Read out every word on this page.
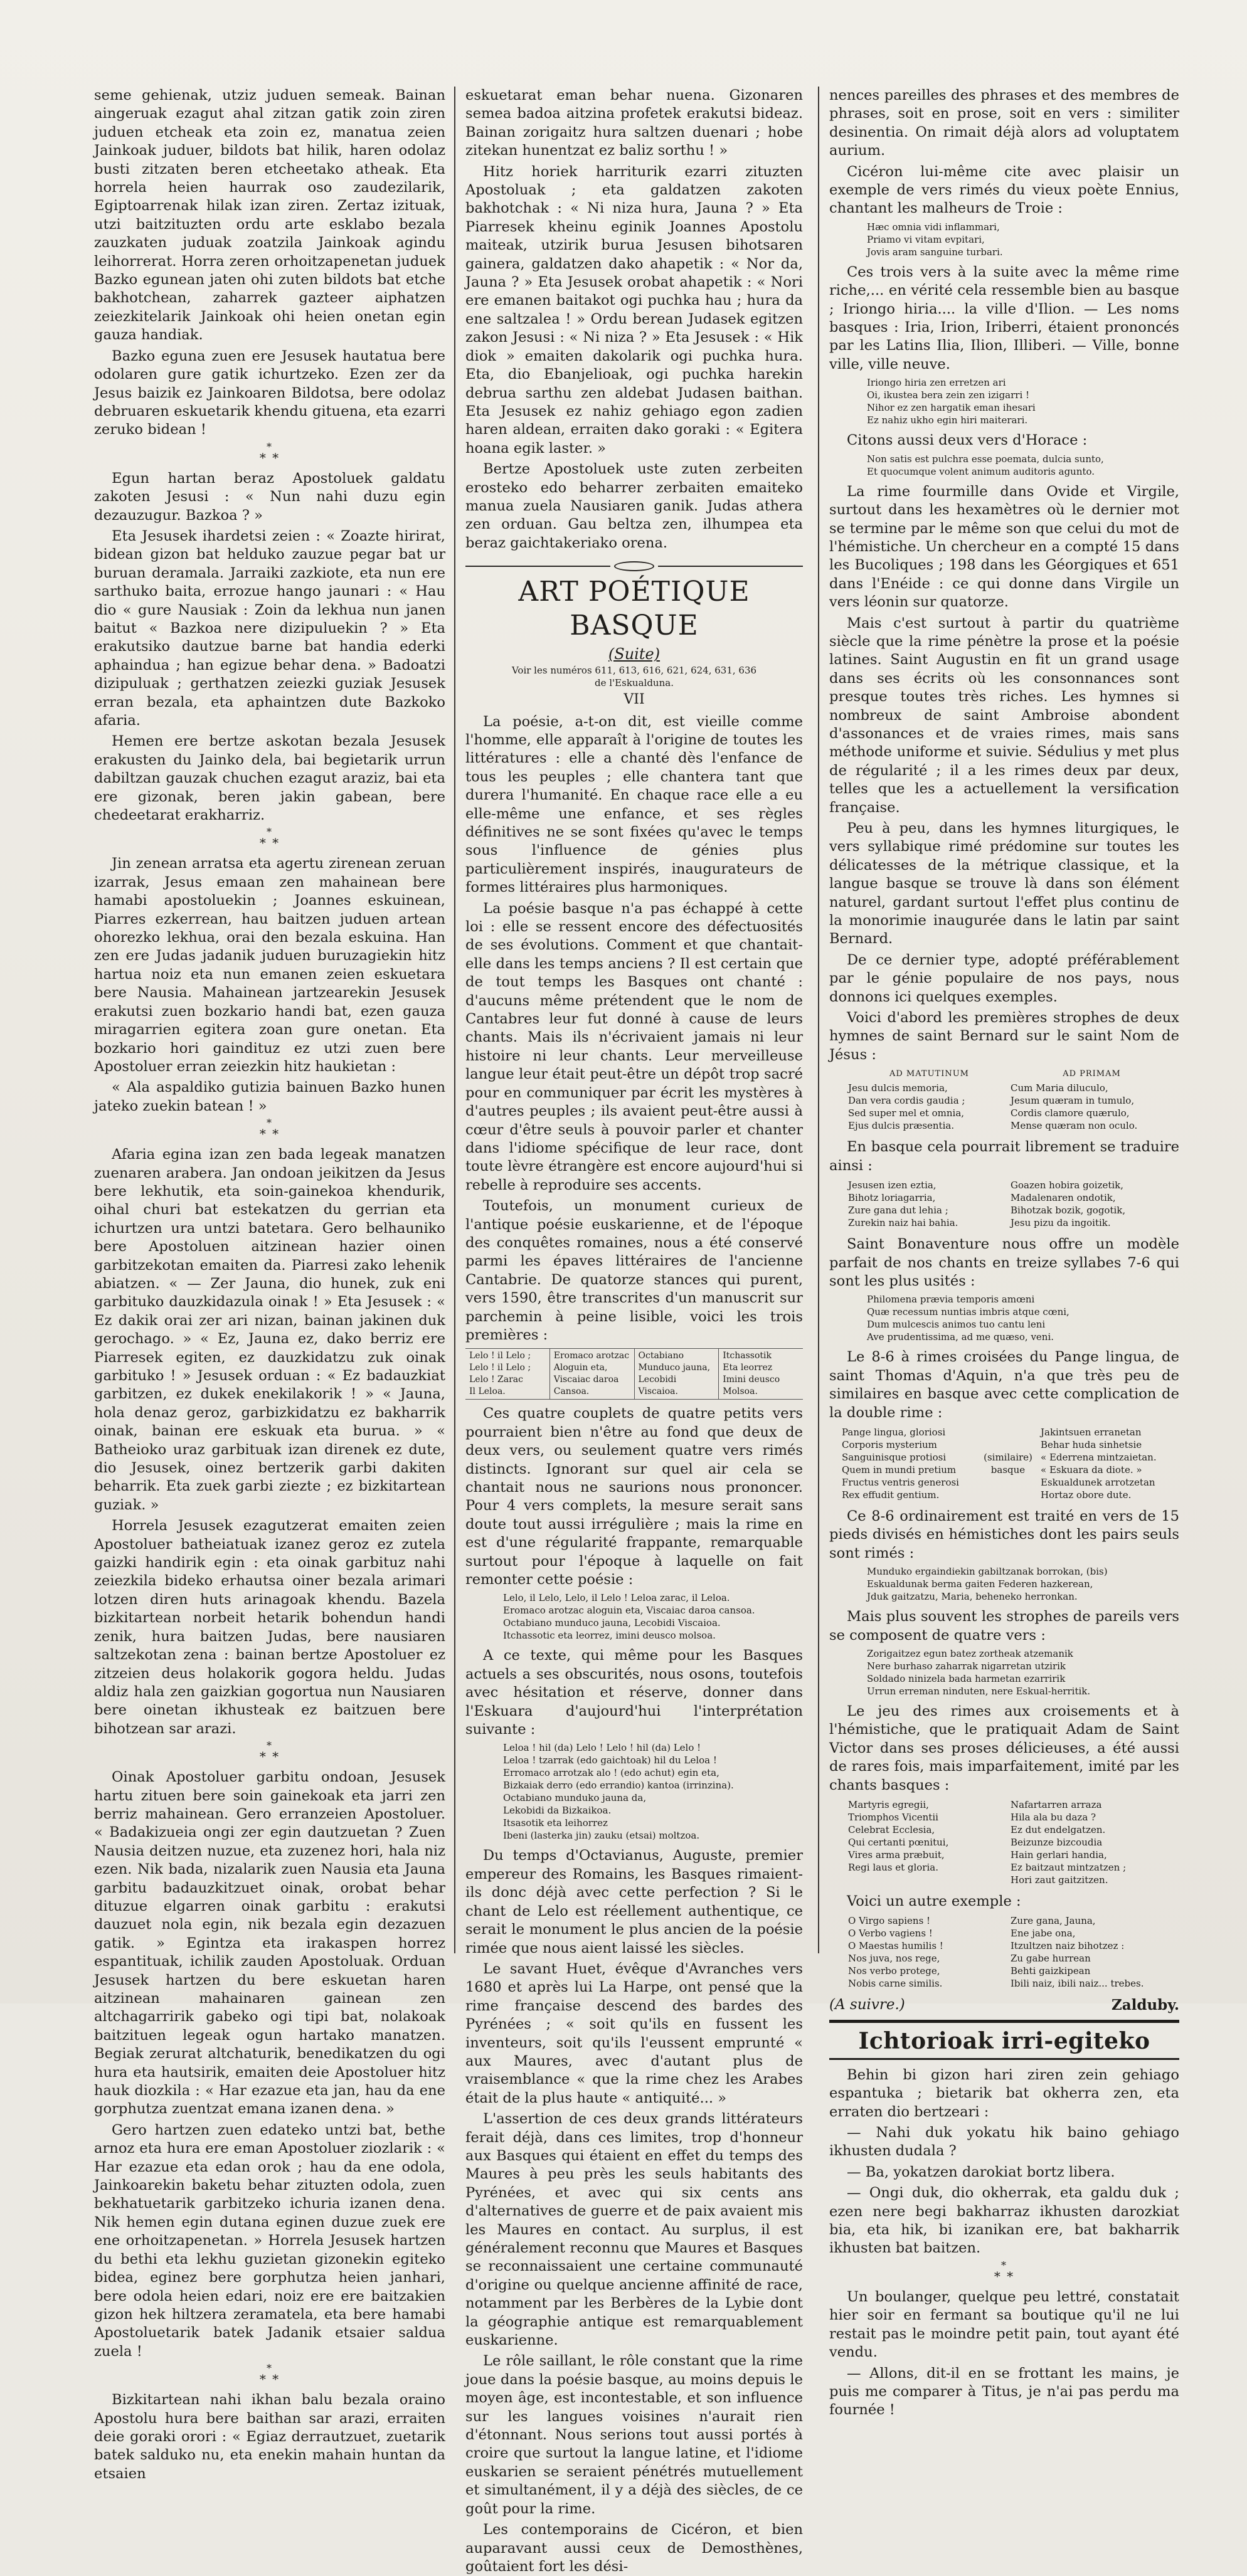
seme gehienak, utziz juduen semeak. Bainan aingeruak ezagut ahal zitzan gatik zoin ziren juduen etcheak eta zoin ez, manatua zeien Jainkoak juduer, bildots bat hilik, haren odolaz busti zitzaten beren etcheetako atheak. Eta horrela heien haurrak oso zaudezilarik, Egiptoarrenak hilak izan ziren. Zertaz izituak, utzi baitzituzten ordu arte esklabo bezala zauzkaten juduak zoatzila Jainkoak agindu leihorrerat. Horra zeren orhoitzapenetan juduek Bazko egunean jaten ohi zuten bildots bat etche bakhotchean, zaharrek gazteer aiphatzen zeiezkitelarik Jainkoak ohi heien onetan egin gauza handiak.

Bazko eguna zuen ere Jesusek hautatua bere odolaren gure gatik ichurtzeko. Ezen zer da Jesus baizik ez Jainkoaren Bildotsa, bere odolaz debruaren eskuetarik khendu gituena, eta ezarri zeruko bidean !

*
* *

Egun hartan beraz Apostoluek galdatu zakoten Jesusi : « Nun nahi duzu egin dezauzugur. Bazkoa ? »

Eta Jesusek ihardetsi zeien : « Zoazte hirirat, bidean gizon bat helduko zauzue pegar bat ur buruan deramala. Jarraiki zazkiote, eta nun ere sarthuko baita, errozue hango jaunari : « Hau dio « gure Nausiak : Zoin da lekhua nun janen baitut « Bazkoa nere dizipuluekin ? » Eta erakutsiko dautzue barne bat handia ederki aphaindua ; han egizue behar dena. » Badoatzi dizipuluak ; gerthatzen zeiezki guziak Jesusek erran bezala, eta aphaintzen dute Bazkoko afaria.

Hemen ere bertze askotan bezala Jesusek erakusten du Jainko dela, bai begietarik urrun dabiltzan gauzak chuchen ezagut araziz, bai eta ere gizonak, beren jakin gabean, bere chedeetarat erakharriz.

*
* *

Jin zenean arratsa eta agertu zirenean zeruan izarrak, Jesus emaan zen mahainean bere hamabi apostoluekin ; Joannes eskuinean, Piarres ezkerrean, hau baitzen juduen artean ohorezko lekhua, orai den bezala eskuina. Han zen ere Judas jadanik juduen buruzagiekin hitz hartua noiz eta nun emanen zeien eskuetara bere Nausia. Mahainean jartzearekin Jesusek erakutsi zuen bozkario handi bat, ezen gauza miragarrien egitera zoan gure onetan. Eta bozkario hori gaindituz ez utzi zuen bere Apostoluer erran zeiezkin hitz haukietan :

« Ala aspaldiko gutizia bainuen Bazko hunen jateko zuekin batean ! »

*
* *

Afaria egina izan zen bada legeak manatzen zuenaren arabera. Jan ondoan jeikitzen da Jesus bere lekhutik, eta soin-gainekoa khendurik, oihal churi bat estekatzen du gerrian eta ichurtzen ura untzi batetara. Gero belhauniko bere Apostoluen aitzinean hazier oinen garbitzekotan emaiten da. Piarresi zako lehenik abiatzen. « — Zer Jauna, dio hunek, zuk eni garbituko dauzkidazula oinak ! » Eta Jesusek : « Ez dakik orai zer ari nizan, bainan jakinen duk gerochago. » « Ez, Jauna ez, dako berriz ere Piarresek egiten, ez dauzkidatzu zuk oinak garbituko ! » Jesusek orduan : « Ez badauzkiat garbitzen, ez dukek enekilakorik ! » « Jauna, hola denaz geroz, garbizkidatzu ez bakharrik oinak, bainan ere eskuak eta burua. » « Batheioko uraz garbituak izan direnek ez dute, dio Jesusek, oinez bertzerik garbi dakiten beharrik. Eta zuek garbi ziezte ; ez bizkitartean guziak. »

Horrela Jesusek ezagutzerat emaiten zeien Apostoluer batheiatuak izanez geroz ez zutela gaizki handirik egin : eta oinak garbituz nahi zeiezkila bideko erhautsa oiner bezala arimari lotzen diren huts arinagoak khendu. Bazela bizkitartean norbeit hetarik bohendun handi zenik, hura baitzen Judas, bere nausiaren saltzekotan zena : bainan bertze Apostoluer ez zitzeien deus holakorik gogora heldu. Judas aldiz hala zen gaizkian gogortua nun Nausiaren bere oinetan ikhusteak ez baitzuen bere bihotzean sar arazi.

*
* *

Oinak Apostoluer garbitu ondoan, Jesusek hartu zituen bere soin gainekoak eta jarri zen berriz mahainean. Gero erranzeien Apostoluer. « Badakizueia ongi zer egin dautzuetan ? Zuen Nausia deitzen nuzue, eta zuzenez hori, hala niz ezen. Nik bada, nizalarik zuen Nausia eta Jauna garbitu badauzkitzuet oinak, orobat behar dituzue elgarren oinak garbitu : erakutsi dauzuet nola egin, nik bezala egin dezazuen gatik. » Egintza eta irakaspen horrez espantituak, ichilik zauden Apostoluak. Orduan Jesusek hartzen du bere eskuetan haren aitzinean mahainaren gainean zen altchagarririk gabeko ogi tipi bat, nolakoak baitzituen legeak ogun hartako manatzen. Begiak zerurat altchaturik, benedikatzen du ogi hura eta hautsirik, emaiten deie Apostoluer hitz hauk diozkila : « Har ezazue eta jan, hau da ene gorphutza zuentzat emana izanen dena. »

Gero hartzen zuen edateko untzi bat, bethe arnoz eta hura ere eman Apostoluer ziozlarik : « Har ezazue eta edan orok ; hau da ene odola, Jainkoarekin baketu behar zituzten odola, zuen bekhatuetarik garbitzeko ichuria izanen dena. Nik hemen egin dutana eginen duzue zuek ere ene orhoitzapenetan. » Horrela Jesusek hartzen du bethi eta lekhu guzietan gizonekin egiteko bidea, eginez bere gorphutza heien janhari, bere odola heien edari, noiz ere ere baitzakien gizon hek hiltzera zeramatela, eta bere hamabi Apostoluetarik batek Jadanik etsaier saldua zuela !

*
* *

Bizkitartean nahi ikhan balu bezala oraino Apostolu hura bere baithan sar arazi, erraiten deie goraki orori : « Egiaz derrautzuet, zuetarik batek salduko nu, eta enekin mahain huntan da etsaien

eskuetarat eman behar nuena. Gizonaren semea badoa aitzina profetek erakutsi bideaz. Bainan zorigaitz hura saltzen duenari ; hobe zitekan hunentzat ez baliz sorthu ! »

Hitz horiek harriturik ezarri zituzten Apostoluak ; eta galdatzen zakoten bakhotchak : « Ni niza hura, Jauna ? » Eta Piarresek kheinu eginik Joannes Apostolu maiteak, utzirik burua Jesusen bihotsaren gainera, galdatzen dako ahapetik : « Nor da, Jauna ? » Eta Jesusek orobat ahapetik : « Nori ere emanen baitakot ogi puchka hau ; hura da ene saltzalea ! » Ordu berean Judasek egitzen zakon Jesusi : « Ni niza ? » Eta Jesusek : « Hik diok » emaiten dakolarik ogi puchka hura. Eta, dio Ebanjelioak, ogi puchka harekin debrua sarthu zen aldebat Judasen baithan. Eta Jesusek ez nahiz gehiago egon zadien haren aldean, erraiten dako goraki : « Egitera hoana egik laster. »

Bertze Apostoluek uste zuten zerbeiten erosteko edo beharrer zerbaiten emaiteko manua zuela Nausiaren ganik. Judas athera zen orduan. Gau beltza zen, ilhumpea eta beraz gaichtakeriako orena.

ART POÉTIQUE BASQUE
(Suite)
Voir les numéros 611, 613, 616, 621, 624, 631, 636
de l'Eskualduna.
VII

La poésie, a-t-on dit, est vieille comme l'homme, elle apparaît à l'origine de toutes les littératures : elle a chanté dès l'enfance de tous les peuples ; elle chantera tant que durera l'humanité. En chaque race elle a eu elle-même une enfance, et ses règles définitives ne se sont fixées qu'avec le temps sous l'influence de génies plus particulièrement inspirés, inaugurateurs de formes littéraires plus harmoniques.

La poésie basque n'a pas échappé à cette loi : elle se ressent encore des défectuosités de ses évolutions. Comment et que chantait-elle dans les temps anciens ? Il est certain que de tout temps les Basques ont chanté : d'aucuns même prétendent que le nom de Cantabres leur fut donné à cause de leurs chants. Mais ils n'écrivaient jamais ni leur histoire ni leur chants. Leur merveilleuse langue leur était peut-être un dépôt trop sacré pour en communiquer par écrit les mystères à d'autres peuples ; ils avaient peut-être aussi à cœur d'être seuls à pouvoir parler et chanter dans l'idiome spécifique de leur race, dont toute lèvre étrangère est encore aujourd'hui si rebelle à reproduire ses accents.

Toutefois, un monument curieux de l'antique poésie euskarienne, et de l'époque des conquêtes romaines, nous a été conservé parmi les épaves littéraires de l'ancienne Cantabrie. De quatorze stances qui purent, vers 1590, être transcrites d'un manuscrit sur parchemin à peine lisible, voici les trois premières :

Lelo ! il Lelo ;
Lelo ! il Lelo ;
Lelo ! Zarac
Il Leloa.
Eromaco arotzac
Aloguin eta,
Viscaiac daroa
Cansoa.
Octabiano
Munduco jauna,
Lecobidi
Viscaioa.
Itchassotik
Eta leorrez
Imini deusco
Molsoa.

Ces quatre couplets de quatre petits vers pourraient bien n'être au fond que deux de deux vers, ou seulement quatre vers rimés distincts. Ignorant sur quel air cela se chantait nous ne saurions nous prononcer. Pour 4 vers complets, la mesure serait sans doute tout aussi irrégulière ; mais la rime en est d'une régularité frappante, remarquable surtout pour l'époque à laquelle on fait remonter cette poésie :

Lelo, il Lelo, Lelo, il Lelo ! Leloa zarac, il Leloa.
Eromaco arotzac aloguin eta, Viscaiac daroa cansoa.
Octabiano munduco jauna, Lecobidi Viscaioa.
Itchassotic eta leorrez, imini deusco molsoa.

A ce texte, qui même pour les Basques actuels a ses obscurités, nous osons, toutefois avec hésitation et réserve, donner dans l'Eskuara d'aujourd'hui l'interprétation suivante :

Leloa ! hil (da) Lelo ! Lelo ! hil (da) Lelo !
Leloa ! tzarrak (edo gaichtoak) hil du Leloa !
Erromaco arrotzak alo ! (edo achut) egin eta,
Bizkaiak derro (edo errandio) kantoa (irrinzina).
Octabiano munduko jauna da,
Lekobidi da Bizkaikoa.
Itsasotik eta leihorrez
Ibeni (lasterka jin) zauku (etsai) moltzoa.

Du temps d'Octavianus, Auguste, premier empereur des Romains, les Basques rimaient-ils donc déjà avec cette perfection ? Si le chant de Lelo est réellement authentique, ce serait le monument le plus ancien de la poésie rimée que nous aient laissé les siècles.

Le savant Huet, évêque d'Avranches vers 1680 et après lui La Harpe, ont pensé que la rime française descend des bardes des Pyrénées ; « soit qu'ils en fussent les inventeurs, soit qu'ils l'eussent emprunté « aux Maures, avec d'autant plus de vraisemblance « que la rime chez les Arabes était de la plus haute « antiquité... »

L'assertion de ces deux grands littérateurs ferait déjà, dans ces limites, trop d'honneur aux Basques qui étaient en effet du temps des Maures à peu près les seuls habitants des Pyrénées, et avec qui six cents ans d'alternatives de guerre et de paix avaient mis les Maures en contact. Au surplus, il est généralement reconnu que Maures et Basques se reconnaissaient une certaine communauté d'origine ou quelque ancienne affinité de race, notamment par les Berbères de la Lybie dont la géographie antique est remarquablement euskarienne.

Le rôle saillant, le rôle constant que la rime joue dans la poésie basque, au moins depuis le moyen âge, est incontestable, et son influence sur les langues voisines n'aurait rien d'étonnant. Nous serions tout aussi portés à croire que surtout la langue latine, et l'idiome euskarien se seraient pénétrés mutuellement et simultanément, il y a déjà des siècles, de ce goût pour la rime.

Les contemporains de Cicéron, et bien auparavant aussi ceux de Demosthènes, goûtaient fort les dési-

nences pareilles des phrases et des membres de phrases, soit en prose, soit en vers : similiter desinentia. On rimait déjà alors ad voluptatem aurium.

Cicéron lui-même cite avec plaisir un exemple de vers rimés du vieux poète Ennius, chantant les malheurs de Troie :

Hæc omnia vidi inflammari,
Priamo vi vitam evpitari,
Jovis aram sanguine turbari.

Ces trois vers à la suite avec la même rime riche,... en vérité cela ressemble bien au basque ; Iriongo hiria.... la ville d'Ilion. — Les noms basques : Iria, Irion, Iriberri, étaient prononcés par les Latins Ilia, Ilion, Illiberi. — Ville, bonne ville, ville neuve.

Iriongo hiria zen erretzen ari
Oi, ikustea bera zein zen izigarri !
Nihor ez zen hargatik eman ihesari
Ez nahiz ukho egin hiri maiterari.

Citons aussi deux vers d'Horace :

Non satis est pulchra esse poemata, dulcia sunto,
Et quocumque volent animum auditoris agunto.

La rime fourmille dans Ovide et Virgile, surtout dans les hexamètres où le dernier mot se termine par le même son que celui du mot de l'hémistiche. Un chercheur en a compté 15 dans les Bucoliques ; 198 dans les Géorgiques et 651 dans l'Enéide : ce qui donne dans Virgile un vers léonin sur quatorze.

Mais c'est surtout à partir du quatrième siècle que la rime pénètre la prose et la poésie latines. Saint Augustin en fit un grand usage dans ses écrits où les consonnances sont presque toutes très riches. Les hymnes si nombreux de saint Ambroise abondent d'assonances et de vraies rimes, mais sans méthode uniforme et suivie. Sédulius y met plus de régularité ; il a les rimes deux par deux, telles que les a actuellement la versification française.

Peu à peu, dans les hymnes liturgiques, le vers syllabique rimé prédomine sur toutes les délicatesses de la métrique classique, et la langue basque se trouve là dans son élément naturel, gardant surtout l'effet plus continu de la monorimie inaugurée dans le latin par saint Bernard.

De ce dernier type, adopté préférablement par le génie populaire de nos pays, nous donnons ici quelques exemples.

Voici d'abord les premières strophes de deux hymnes de saint Bernard sur le saint Nom de Jésus :

AD MATUTINUM
Jesu dulcis memoria,
Dan vera cordis gaudia ;
Sed super mel et omnia,
Ejus dulcis præsentia.
AD PRIMAM
Cum Maria diluculo,
Jesum quæram in tumulo,
Cordis clamore quærulo,
Mense quæram non oculo.

En basque cela pourrait librement se traduire ainsi :

Jesusen izen eztia,
Bihotz loriagarria,
Zure gana dut lehia ;
Zurekin naiz hai bahia.
Goazen hobira goizetik,
Madalenaren ondotik,
Bihotzak bozik, gogotik,
Jesu pizu da ingoitik.

Saint Bonaventure nous offre un modèle parfait de nos chants en treize syllabes 7-6 qui sont les plus usités :

Philomena prævia temporis amœni
Quæ recessum nuntias imbris atque cœni,
Dum mulcescis animos tuo cantu leni
Ave prudentissima, ad me quæso, veni.

Le 8-6 à rimes croisées du Pange lingua, de saint Thomas d'Aquin, n'a que très peu de similaires en basque avec cette complication de la double rime :

Pange lingua, gloriosi
Corporis mysterium
Sanguinisque protiosi
Quem in mundi pretium
Fructus ventris generosi
Rex effudit gentium.
(similaire) basque
Jakintsuen erranetan
Behar huda sinhetsie
« Ederrena mintzaietan.
« Eskuara da diote. »
Eskualdunek arrotzetan
Hortaz obore dute.

Ce 8-6 ordinairement est traité en vers de 15 pieds divisés en hémistiches dont les pairs seuls sont rimés :

Munduko ergaindiekin gabiltzanak borrokan, (bis)
Eskualdunak berma gaiten Federen hazkerean,
Jduk gaitzatzu, Maria, beheneko herronkan.

Mais plus souvent les strophes de pareils vers se composent de quatre vers :

Zorigaitzez egun batez zortheak atzemanik
Nere burhaso zaharrak nigarretan utzirik
Soldado ninizela bada harmetan ezarririk
Urrun erreman ninduten, nere Eskual-herritik.

Le jeu des rimes aux croisements et à l'hémistiche, que le pratiquait Adam de Saint Victor dans ses proses délicieuses, a été aussi de rares fois, mais imparfaitement, imité par les chants basques :

Martyris egregii,
Triomphos Vicentii
Celebrat Ecclesia,
Qui certanti pœnitui,
Vires arma præbuit,
Regi laus et gloria.
Nafartarren arraza
Hila ala bu daza ?
Ez dut endelgatzen.
Beizunze bizcoudia
Hain gerlari handia,
Ez baitzaut mintzatzen ;
Hori zaut gaitzitzen.

Voici un autre exemple :

O Virgo sapiens !
O Verbo vagiens !
O Maestas humilis !
Nos juva, nos rege,
Nos verbo protege,
Nobis carne similis.
Zure gana, Jauna,
Ene jabe ona,
Itzultzen naiz bihotzez :
Zu gabe hurrean
Behti gaizkipean
Ibili naiz, ibili naiz... trebes.
(A suivre.)	Zalduby.
Ichtorioak irri-egiteko

Behin bi gizon hari ziren zein gehiago espantuka ; bietarik bat okherra zen, eta erraten dio bertzeari :

— Nahi duk yokatu hik baino gehiago ikhusten dudala ?

— Ba, yokatzen darokiat bortz libera.

— Ongi duk, dio okherrak, eta galdu duk ; ezen nere begi bakharraz ikhusten darozkiat bia, eta hik, bi izanikan ere, bat bakharrik ikhusten bat baitzen.

*
* *

Un boulanger, quelque peu lettré, constatait hier soir en fermant sa boutique qu'il ne lui restait pas le moindre petit pain, tout ayant été vendu.

— Allons, dit-il en se frottant les mains, je puis me comparer à Titus, je n'ai pas perdu ma fournée !
